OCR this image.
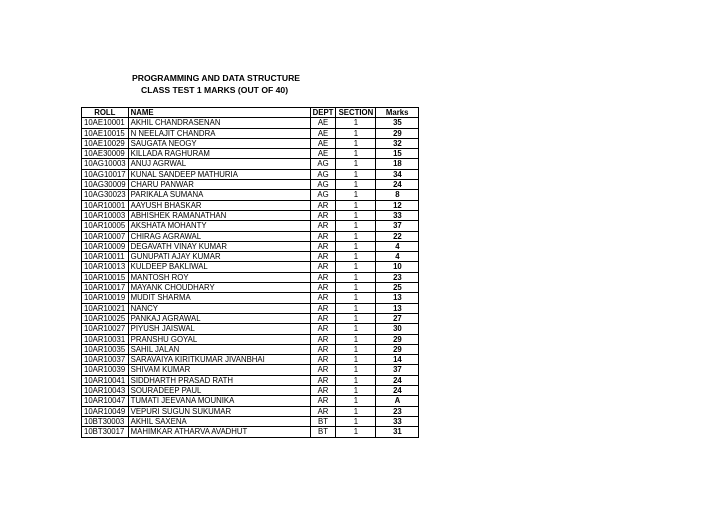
PROGRAMMING AND DATA STRUCTURE
CLASS TEST 1 MARKS (OUT OF 40)
ROLL	NAME	DEPT	SECTION	Marks
10AE10001	AKHIL CHANDRASENAN	AE	1	35
10AE10015	N NEELAJIT CHANDRA	AE	1	29
10AE10029	SAUGATA NEOGY	AE	1	32
10AE30009	KILLADA RAGHURAM	AE	1	15
10AG10003	ANUJ AGRWAL	AG	1	18
10AG10017	KUNAL SANDEEP MATHURIA	AG	1	34
10AG30009	CHARU PANWAR	AG	1	24
10AG30023	PARIKALA SUMANA	AG	1	8
10AR10001	AAYUSH BHASKAR	AR	1	12
10AR10003	ABHISHEK RAMANATHAN	AR	1	33
10AR10005	AKSHATA MOHANTY	AR	1	37
10AR10007	CHIRAG AGRAWAL	AR	1	22
10AR10009	DEGAVATH VINAY KUMAR	AR	1	4
10AR10011	GUNUPATI AJAY KUMAR	AR	1	4
10AR10013	KULDEEP BAKLIWAL	AR	1	10
10AR10015	MANTOSH ROY	AR	1	23
10AR10017	MAYANK CHOUDHARY	AR	1	25
10AR10019	MUDIT SHARMA	AR	1	13
10AR10021	NANCY	AR	1	13
10AR10025	PANKAJ AGRAWAL	AR	1	27
10AR10027	PIYUSH JAISWAL	AR	1	30
10AR10031	PRANSHU GOYAL	AR	1	29
10AR10035	SAHIL JALAN	AR	1	29
10AR10037	SARAVAIYA KIRITKUMAR JIVANBHAI	AR	1	14
10AR10039	SHIVAM KUMAR	AR	1	37
10AR10041	SIDDHARTH PRASAD RATH	AR	1	24
10AR10043	SOURADEEP PAUL	AR	1	24
10AR10047	TUMATI JEEVANA MOUNIKA	AR	1	A
10AR10049	VEPURI SUGUN SUKUMAR	AR	1	23
10BT30003	AKHIL SAXENA	BT	1	33
10BT30017	MAHIMKAR ATHARVA AVADHUT	BT	1	31
